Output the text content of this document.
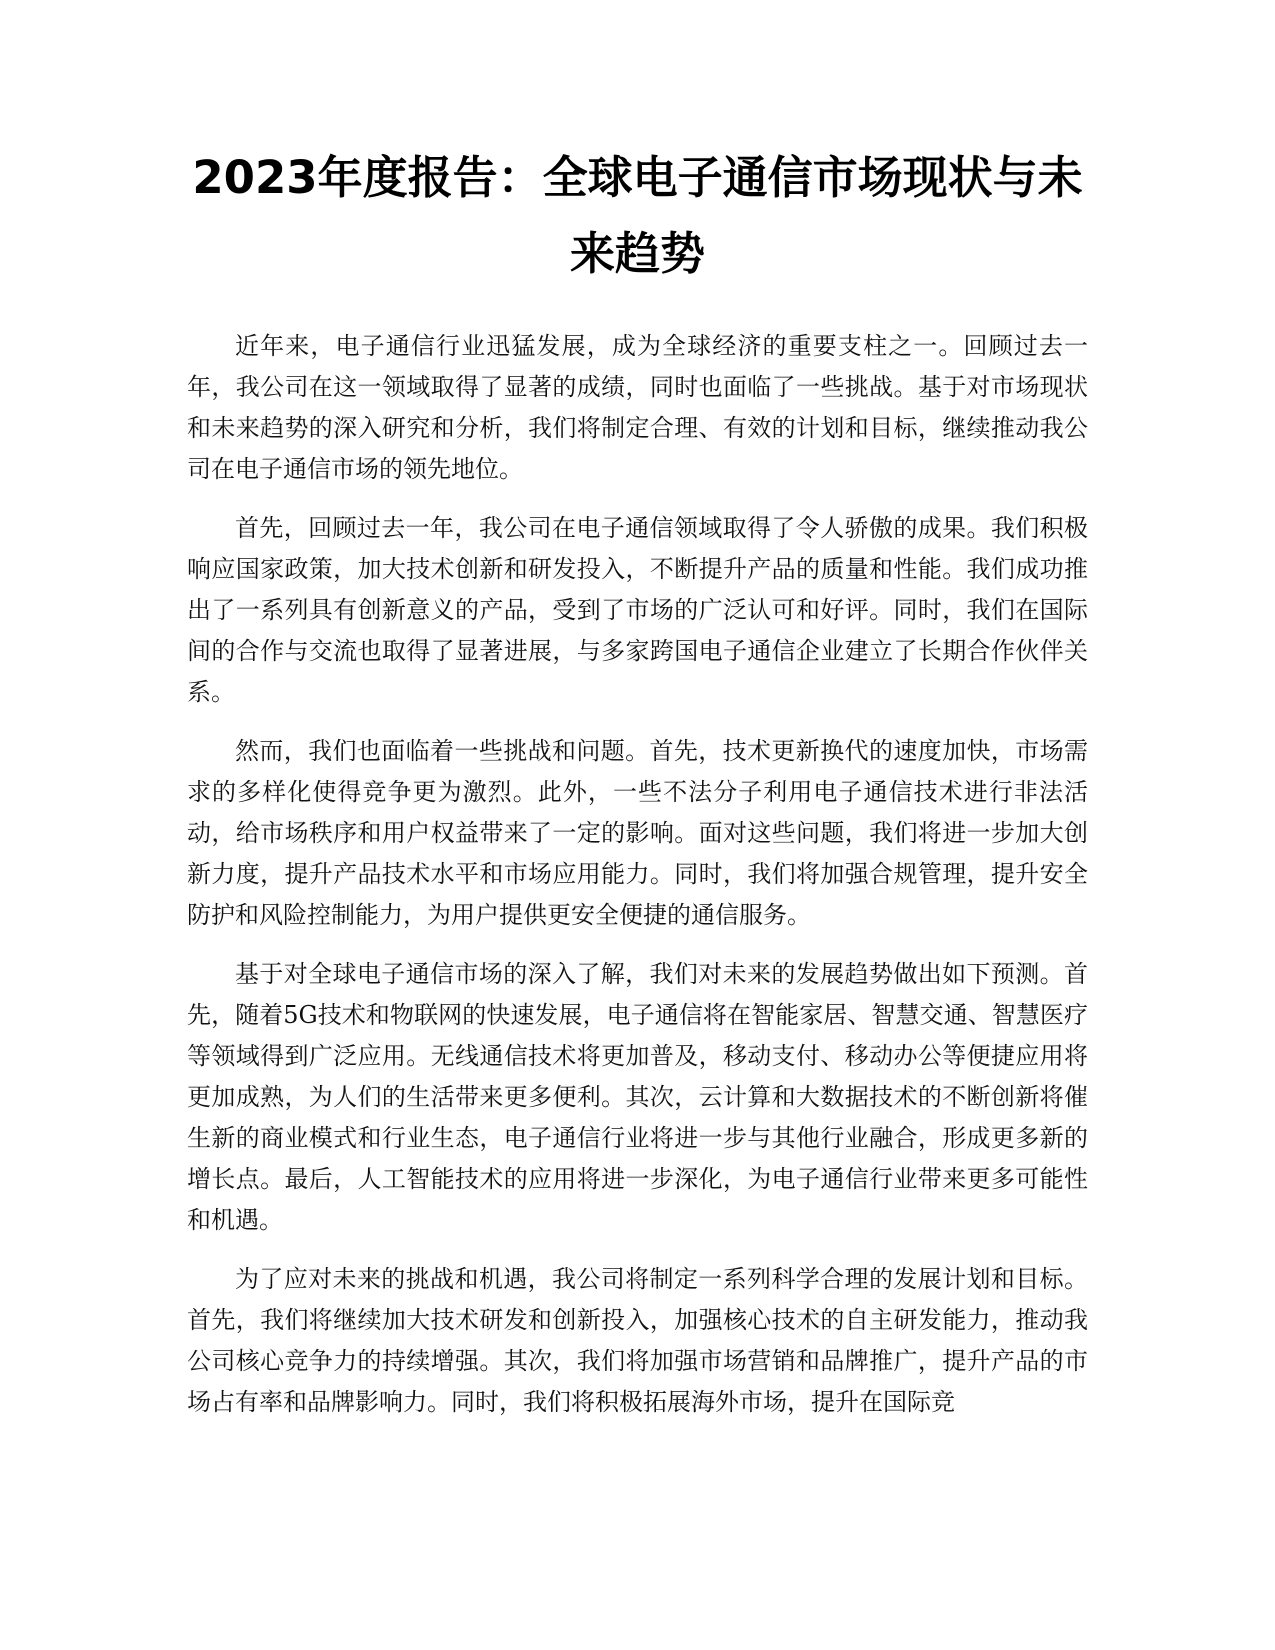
2023年度报告：全球电子通信市场现状与未来趋势

近年来，电子通信行业迅猛发展，成为全球经济的重要支柱之一。回顾过去一年，我公司在这一领域取得了显著的成绩，同时也面临了一些挑战。基于对市场现状和未来趋势的深入研究和分析，我们将制定合理、有效的计划和目标，继续推动我公司在电子通信市场的领先地位。

首先，回顾过去一年，我公司在电子通信领域取得了令人骄傲的成果。我们积极响应国家政策，加大技术创新和研发投入，不断提升产品的质量和性能。我们成功推出了一系列具有创新意义的产品，受到了市场的广泛认可和好评。同时，我们在国际间的合作与交流也取得了显著进展，与多家跨国电子通信企业建立了长期合作伙伴关系。

然而，我们也面临着一些挑战和问题。首先，技术更新换代的速度加快，市场需求的多样化使得竞争更为激烈。此外，一些不法分子利用电子通信技术进行非法活动，给市场秩序和用户权益带来了一定的影响。面对这些问题，我们将进一步加大创新力度，提升产品技术水平和市场应用能力。同时，我们将加强合规管理，提升安全防护和风险控制能力，为用户提供更安全便捷的通信服务。

基于对全球电子通信市场的深入了解，我们对未来的发展趋势做出如下预测。首先，随着5G技术和物联网的快速发展，电子通信将在智能家居、智慧交通、智慧医疗等领域得到广泛应用。无线通信技术将更加普及，移动支付、移动办公等便捷应用将更加成熟，为人们的生活带来更多便利。其次，云计算和大数据技术的不断创新将催生新的商业模式和行业生态，电子通信行业将进一步与其他行业融合，形成更多新的增长点。最后，人工智能技术的应用将进一步深化，为电子通信行业带来更多可能性和机遇。

为了应对未来的挑战和机遇，我公司将制定一系列科学合理的发展计划和目标。首先，我们将继续加大技术研发和创新投入，加强核心技术的自主研发能力，推动我公司核心竞争力的持续增强。其次，我们将加强市场营销和品牌推广，提升产品的市场占有率和品牌影响力。同时，我们将积极拓展海外市场，提升在国际竞
